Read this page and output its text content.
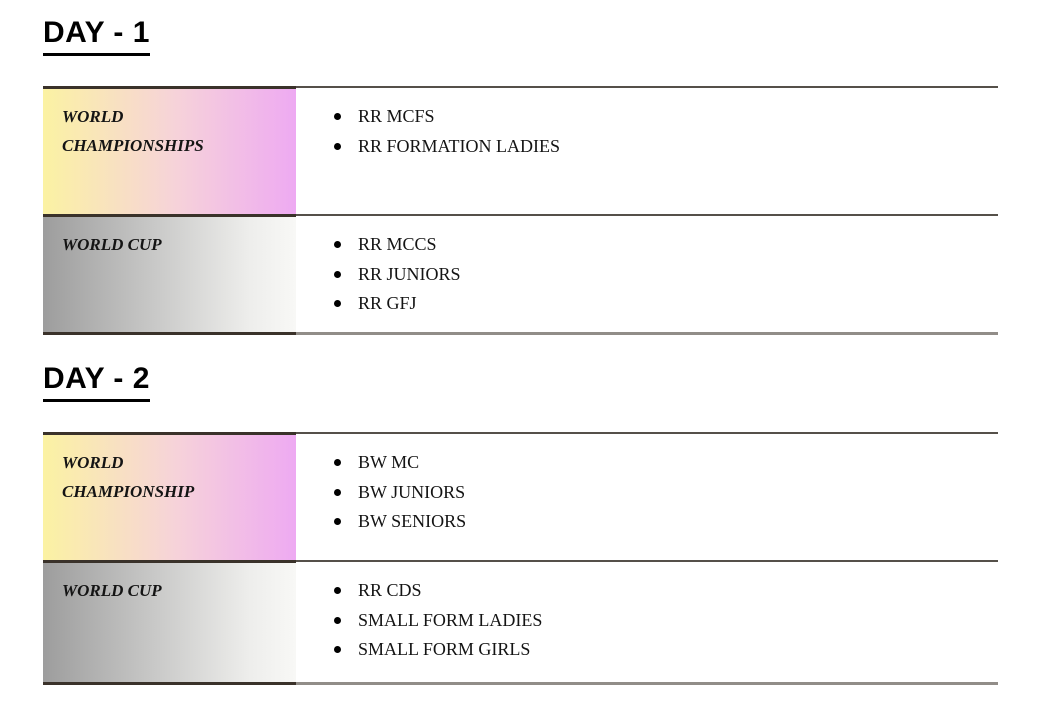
DAY - 1
WORLD CHAMPIONSHIPS
RR MCFS
RR FORMATION LADIES
WORLD CUP	RR MCCS
RR JUNIORS
RR GFJ
DAY - 2
WORLD CHAMPIONSHIP
BW MC
BW JUNIORS
BW SENIORS
WORLD CUP	RR CDS
SMALL FORM LADIES
SMALL FORM GIRLS
